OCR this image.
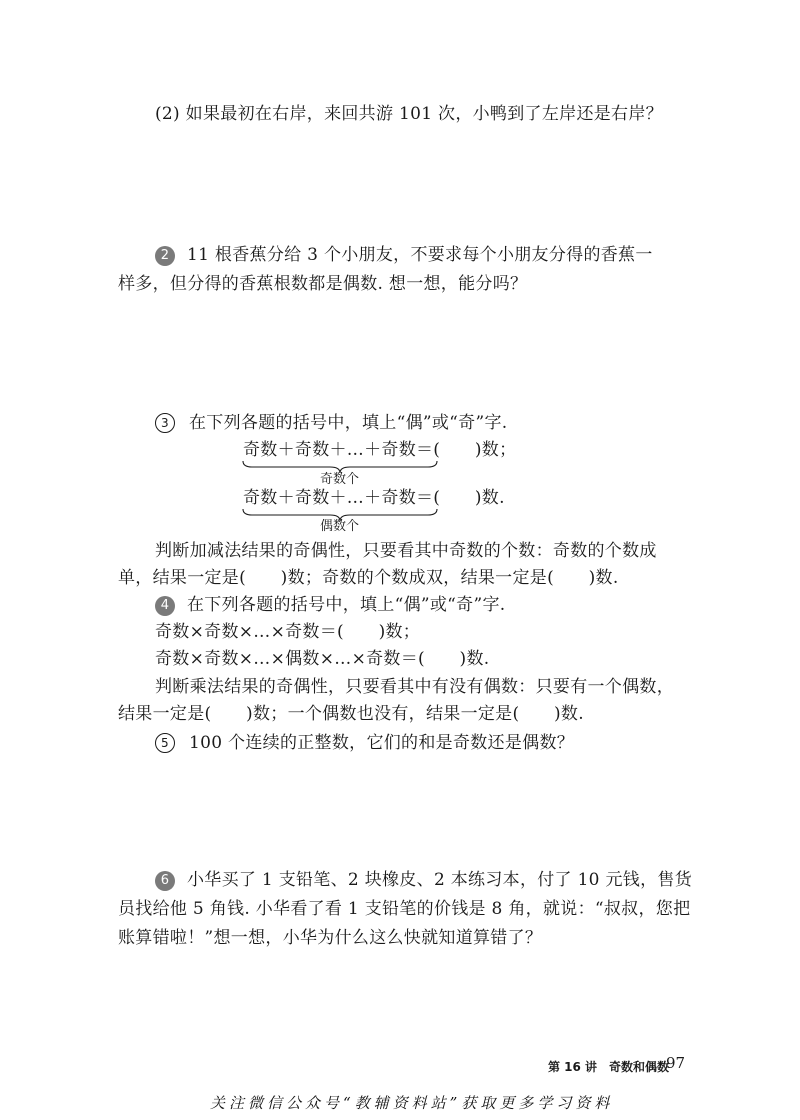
(2) 如果最初在右岸，来回共游 101 次，小鸭到了左岸还是右岸？
2 11 根香蕉分给 3 个小朋友，不要求每个小朋友分得的香蕉一
样多，但分得的香蕉根数都是偶数. 想一想，能分吗？
3 在下列各题的括号中，填上“偶”或“奇”字.
奇数＋奇数＋…＋奇数＝(　　)数；
奇数个
奇数＋奇数＋…＋奇数＝(　　)数.
偶数个
判断加减法结果的奇偶性，只要看其中奇数的个数：奇数的个数成
单，结果一定是(　　)数；奇数的个数成双，结果一定是(　　)数.
4 在下列各题的括号中，填上“偶”或“奇”字.
奇数×奇数×…×奇数＝(　　)数；
奇数×奇数×…×偶数×…×奇数＝(　　)数.
判断乘法结果的奇偶性，只要看其中有没有偶数：只要有一个偶数，
结果一定是(　　)数；一个偶数也没有，结果一定是(　　)数.
5 100 个连续的正整数，它们的和是奇数还是偶数？
6 小华买了 1 支铅笔、2 块橡皮、2 本练习本，付了 10 元钱，售货
员找给他 5 角钱. 小华看了看 1 支铅笔的价钱是 8 角，就说：“叔叔，您把
账算错啦！”想一想，小华为什么这么快就知道算错了？
第 16 讲　奇数和偶数
97
关注微信公众号“教辅资料站”获取更多学习资料
